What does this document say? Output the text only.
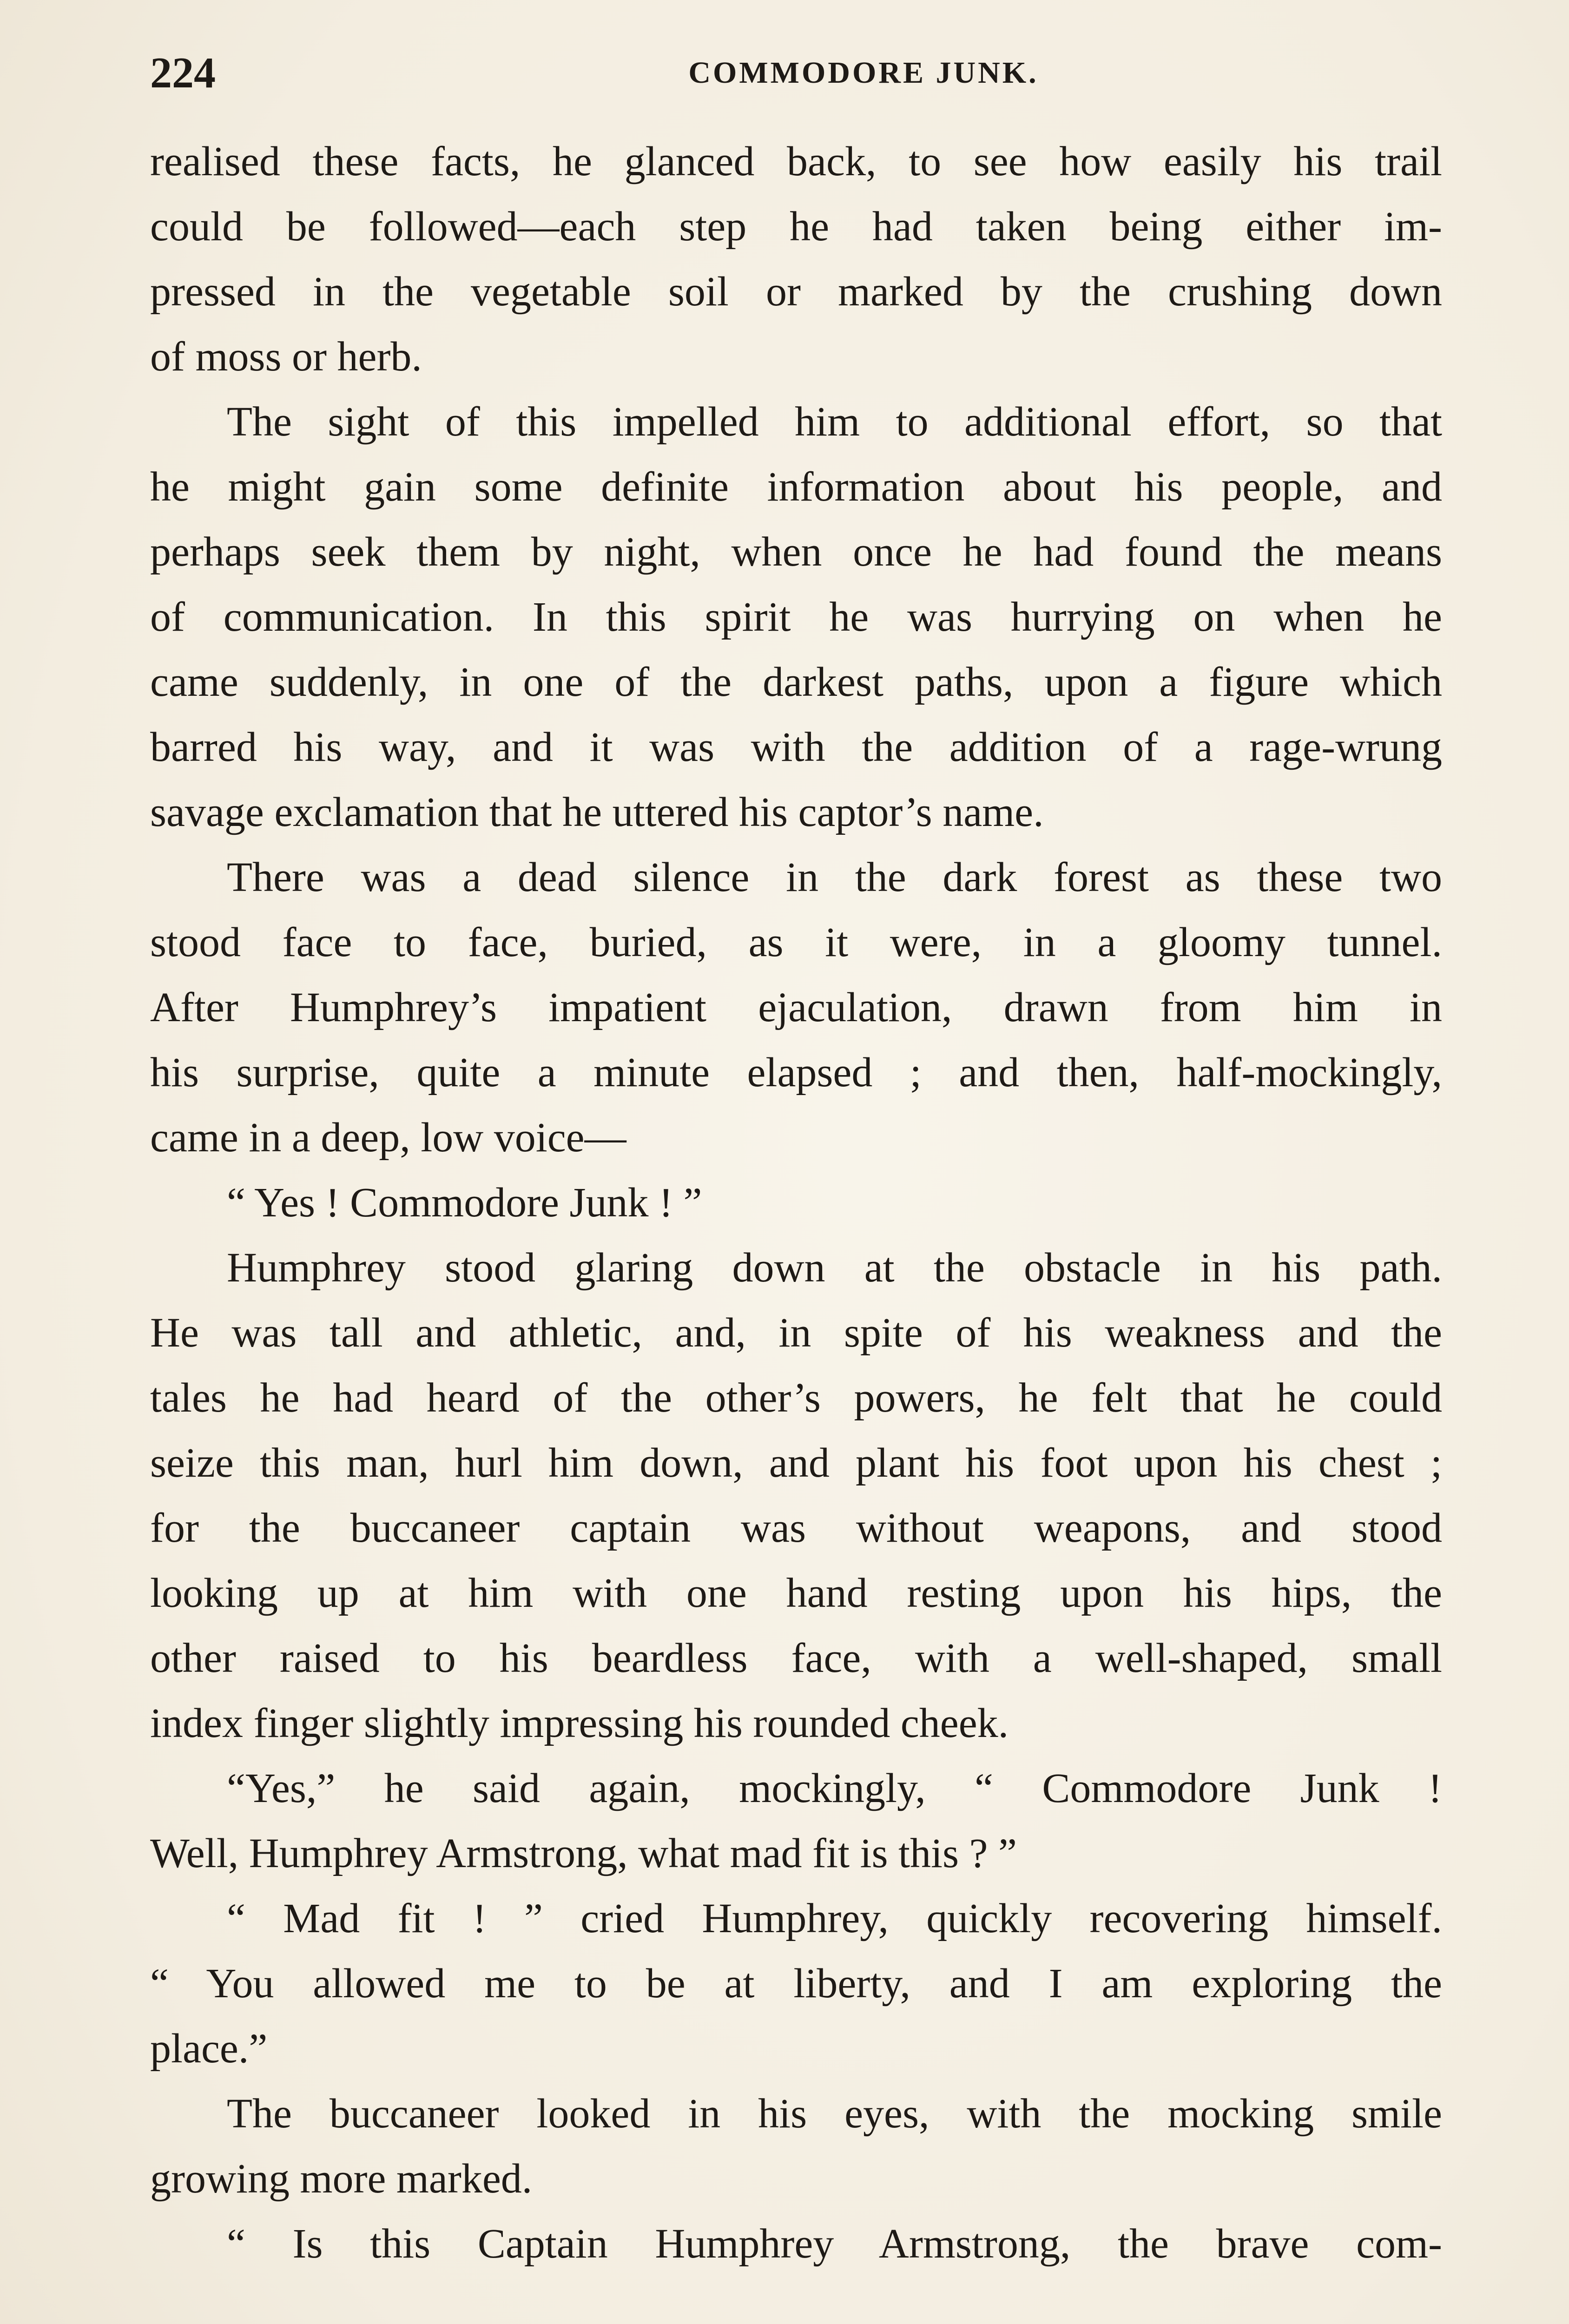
224	COMMODORE JUNK.
realised these facts, he glanced back, to see how easily his trail
could be followed—each step he had taken being either im-
pressed in the vegetable soil or marked by the crushing down
of moss or herb.
The sight of this impelled him to additional effort, so that
he might gain some definite information about his people, and
perhaps seek them by night, when once he had found the means
of communication. In this spirit he was hurrying on when he
came suddenly, in one of the darkest paths, upon a figure which
barred his way, and it was with the addition of a rage-wrung
savage exclamation that he uttered his captor’s name.
There was a dead silence in the dark forest as these two
stood face to face, buried, as it were, in a gloomy tunnel.
After Humphrey’s impatient ejaculation, drawn from him in
his surprise, quite a minute elapsed ; and then, half-mockingly,
came in a deep, low voice—
“ Yes ! Commodore Junk ! ”
Humphrey stood glaring down at the obstacle in his path.
He was tall and athletic, and, in spite of his weakness and the
tales he had heard of the other’s powers, he felt that he could
seize this man, hurl him down, and plant his foot upon his chest ;
for the buccaneer captain was without weapons, and stood
looking up at him with one hand resting upon his hips, the
other raised to his beardless face, with a well-shaped, small
index finger slightly impressing his rounded cheek.
“Yes,” he said again, mockingly, “ Commodore Junk !
Well, Humphrey Armstrong, what mad fit is this ? ”
“ Mad fit ! ” cried Humphrey, quickly recovering himself.
“ You allowed me to be at liberty, and I am exploring the
place.”
The buccaneer looked in his eyes, with the mocking smile
growing more marked.
“ Is this Captain Humphrey Armstrong, the brave com-
